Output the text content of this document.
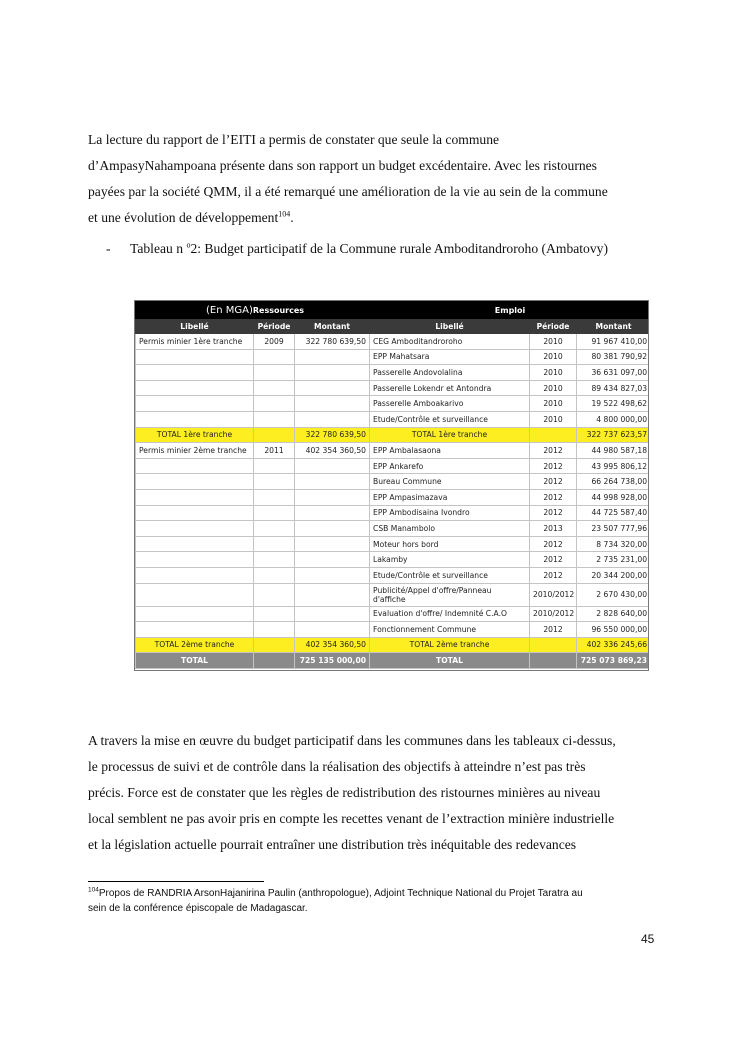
La lecture du rapport de l’EITI a permis de constater que seule la commune
d’AmpasyNahampoana présente dans son rapport un budget excédentaire. Avec les ristournes
payées par la société QMM, il a été remarqué une amélioration de la vie au sein de la commune
et une évolution de développement$^{104}$.
- Tableau n $^o$2: Budget participatif de la Commune rurale Amboditandroroho (Ambatovy)
(En MGA)Ressources			Emploi		
Libellé	Période	Montant	Libellé	Période	Montant
Permis minier 1ère tranche	2009	322 780 639,50	CEG Amboditandroroho	2010	91 967 410,00
			EPP Mahatsara	2010	80 381 790,92
			Passerelle Andovolalina	2010	36 631 097,00
			Passerelle Lokendr et Antondra	2010	89 434 827,03
			Passerelle Amboakarivo	2010	19 522 498,62
			Etude/Contrôle et surveillance	2010	4 800 000,00
TOTAL 1ère tranche		322 780 639,50	TOTAL 1ère tranche		322 737 623,57
Permis minier 2ème tranche	2011	402 354 360,50	EPP Ambalasaona	2012	44 980 587,18
			EPP Ankarefo	2012	43 995 806,12
			Bureau Commune	2012	66 264 738,00
			EPP Ampasimazava	2012	44 998 928,00
			EPP Ambodisaina Ivondro	2012	44 725 587,40
			CSB Manambolo	2013	23 507 777,96
			Moteur hors bord	2012	8 734 320,00
			Lakamby	2012	2 735 231,00
			Etude/Contrôle et surveillance	2012	20 344 200,00
			Publicité/Appel d'offre/Panneau d'affiche	2010/2012	2 670 430,00
			Evaluation d'offre/ Indemnité C.A.O	2010/2012	2 828 640,00
			Fonctionnement Commune	2012	96 550 000,00
TOTAL 2ème tranche		402 354 360,50	TOTAL 2ème tranche		402 336 245,66
TOTAL		725 135 000,00	TOTAL		725 073 869,23
A travers la mise en œuvre du budget participatif dans les communes dans les tableaux ci-dessus,
le processus de suivi et de contrôle dans la réalisation des objectifs à atteindre n’est pas très
précis. Force est de constater que les règles de redistribution des ristournes minières au niveau
local semblent ne pas avoir pris en compte les recettes venant de l’extraction minière industrielle
et la législation actuelle pourrait entraîner une distribution très inéquitable des redevances
$^{104}$Propos de RANDRIA ArsonHajanirina Paulin (anthropologue), Adjoint Technique National du Projet Taratra au
sein de la conférence épiscopale de Madagascar.
45
